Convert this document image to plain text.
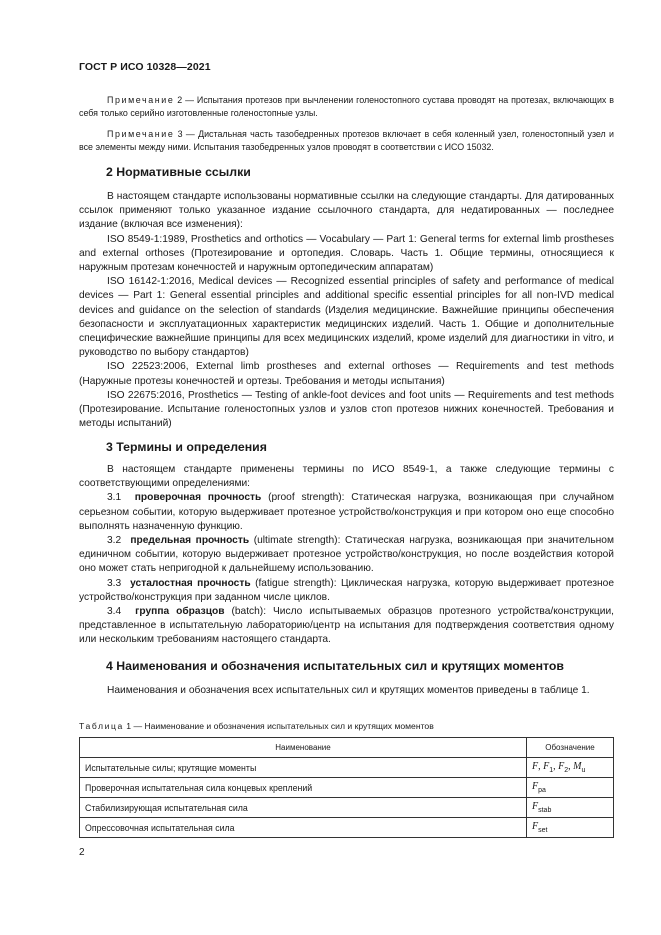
ГОСТ Р ИСО 10328—2021

Примечание 2 — Испытания протезов при вычленении голеностопного сустава проводят на протезах, включающих в себя только серийно изготовленные голеностопные узлы.

Примечание 3 — Дистальная часть тазобедренных протезов включает в себя коленный узел, голеностопный узел и все элементы между ними. Испытания тазобедренных узлов проводят в соответствии с ИСО 15032.

2 Нормативные ссылки

В настоящем стандарте использованы нормативные ссылки на следующие стандарты. Для датированных ссылок применяют только указанное издание ссылочного стандарта, для недатированных — последнее издание (включая все изменения):

ISO 8549-1:1989, Prosthetics and orthotics — Vocabulary — Part 1: General terms for external limb prostheses and external orthoses (Протезирование и ортопедия. Словарь. Часть 1. Общие термины, относящиеся к наружным протезам конечностей и наружным ортопедическим аппаратам)

ISO 16142-1:2016, Medical devices — Recognized essential principles of safety and performance of medical devices — Part 1: General essential principles and additional specific essential principles for all non-IVD medical devices and guidance on the selection of standards (Изделия медицинские. Важнейшие принципы обеспечения безопасности и эксплуатационных характеристик медицинских изделий. Часть 1. Общие и дополнительные специфические важнейшие принципы для всех медицинских изделий, кроме изделий для диагностики in vitro, и руководство по выбору стандартов)

ISO 22523:2006, External limb prostheses and external orthoses — Requirements and test methods (Наружные протезы конечностей и ортезы. Требования и методы испытания)

ISO 22675:2016, Prosthetics — Testing of ankle-foot devices and foot units — Requirements and test methods (Протезирование. Испытание голеностопных узлов и узлов стоп протезов нижних конечностей. Требования и методы испытаний)

3 Термины и определения

В настоящем стандарте применены термины по ИСО 8549-1, а также следующие термины с соответствующими определениями:

3.1 проверочная прочность (proof strength): Статическая нагрузка, возникающая при случайном серьезном событии, которую выдерживает протезное устройство/конструкция и при котором оно еще способно выполнять назначенную функцию.

3.2 предельная прочность (ultimate strength): Статическая нагрузка, возникающая при значительном единичном событии, которую выдерживает протезное устройство/конструкция, но после воздействия которой оно может стать непригодной к дальнейшему использованию.

3.3 усталостная прочность (fatigue strength): Циклическая нагрузка, которую выдерживает протезное устройство/конструкция при заданном числе циклов.

3.4 группа образцов (batch): Число испытываемых образцов протезного устройства/конструкции, представленное в испытательную лабораторию/центр на испытания для подтверждения соответствия одному или нескольким требованиям настоящего стандарта.

4 Наименования и обозначения испытательных сил и крутящих моментов

Наименования и обозначения всех испытательных сил и крутящих моментов приведены в таблице 1.

Таблица 1 — Наименование и обозначения испытательных сил и крутящих моментов
Наименование	Обозначение
Испытательные силы; крутящие моменты	F, $F_1$, $F_2$, $M_u$
Проверочная испытательная сила концевых креплений	$F_{pa}$
Стабилизирующая испытательная сила	$F_{stab}$
Опрессовочная испытательная сила	$F_{set}$
2
